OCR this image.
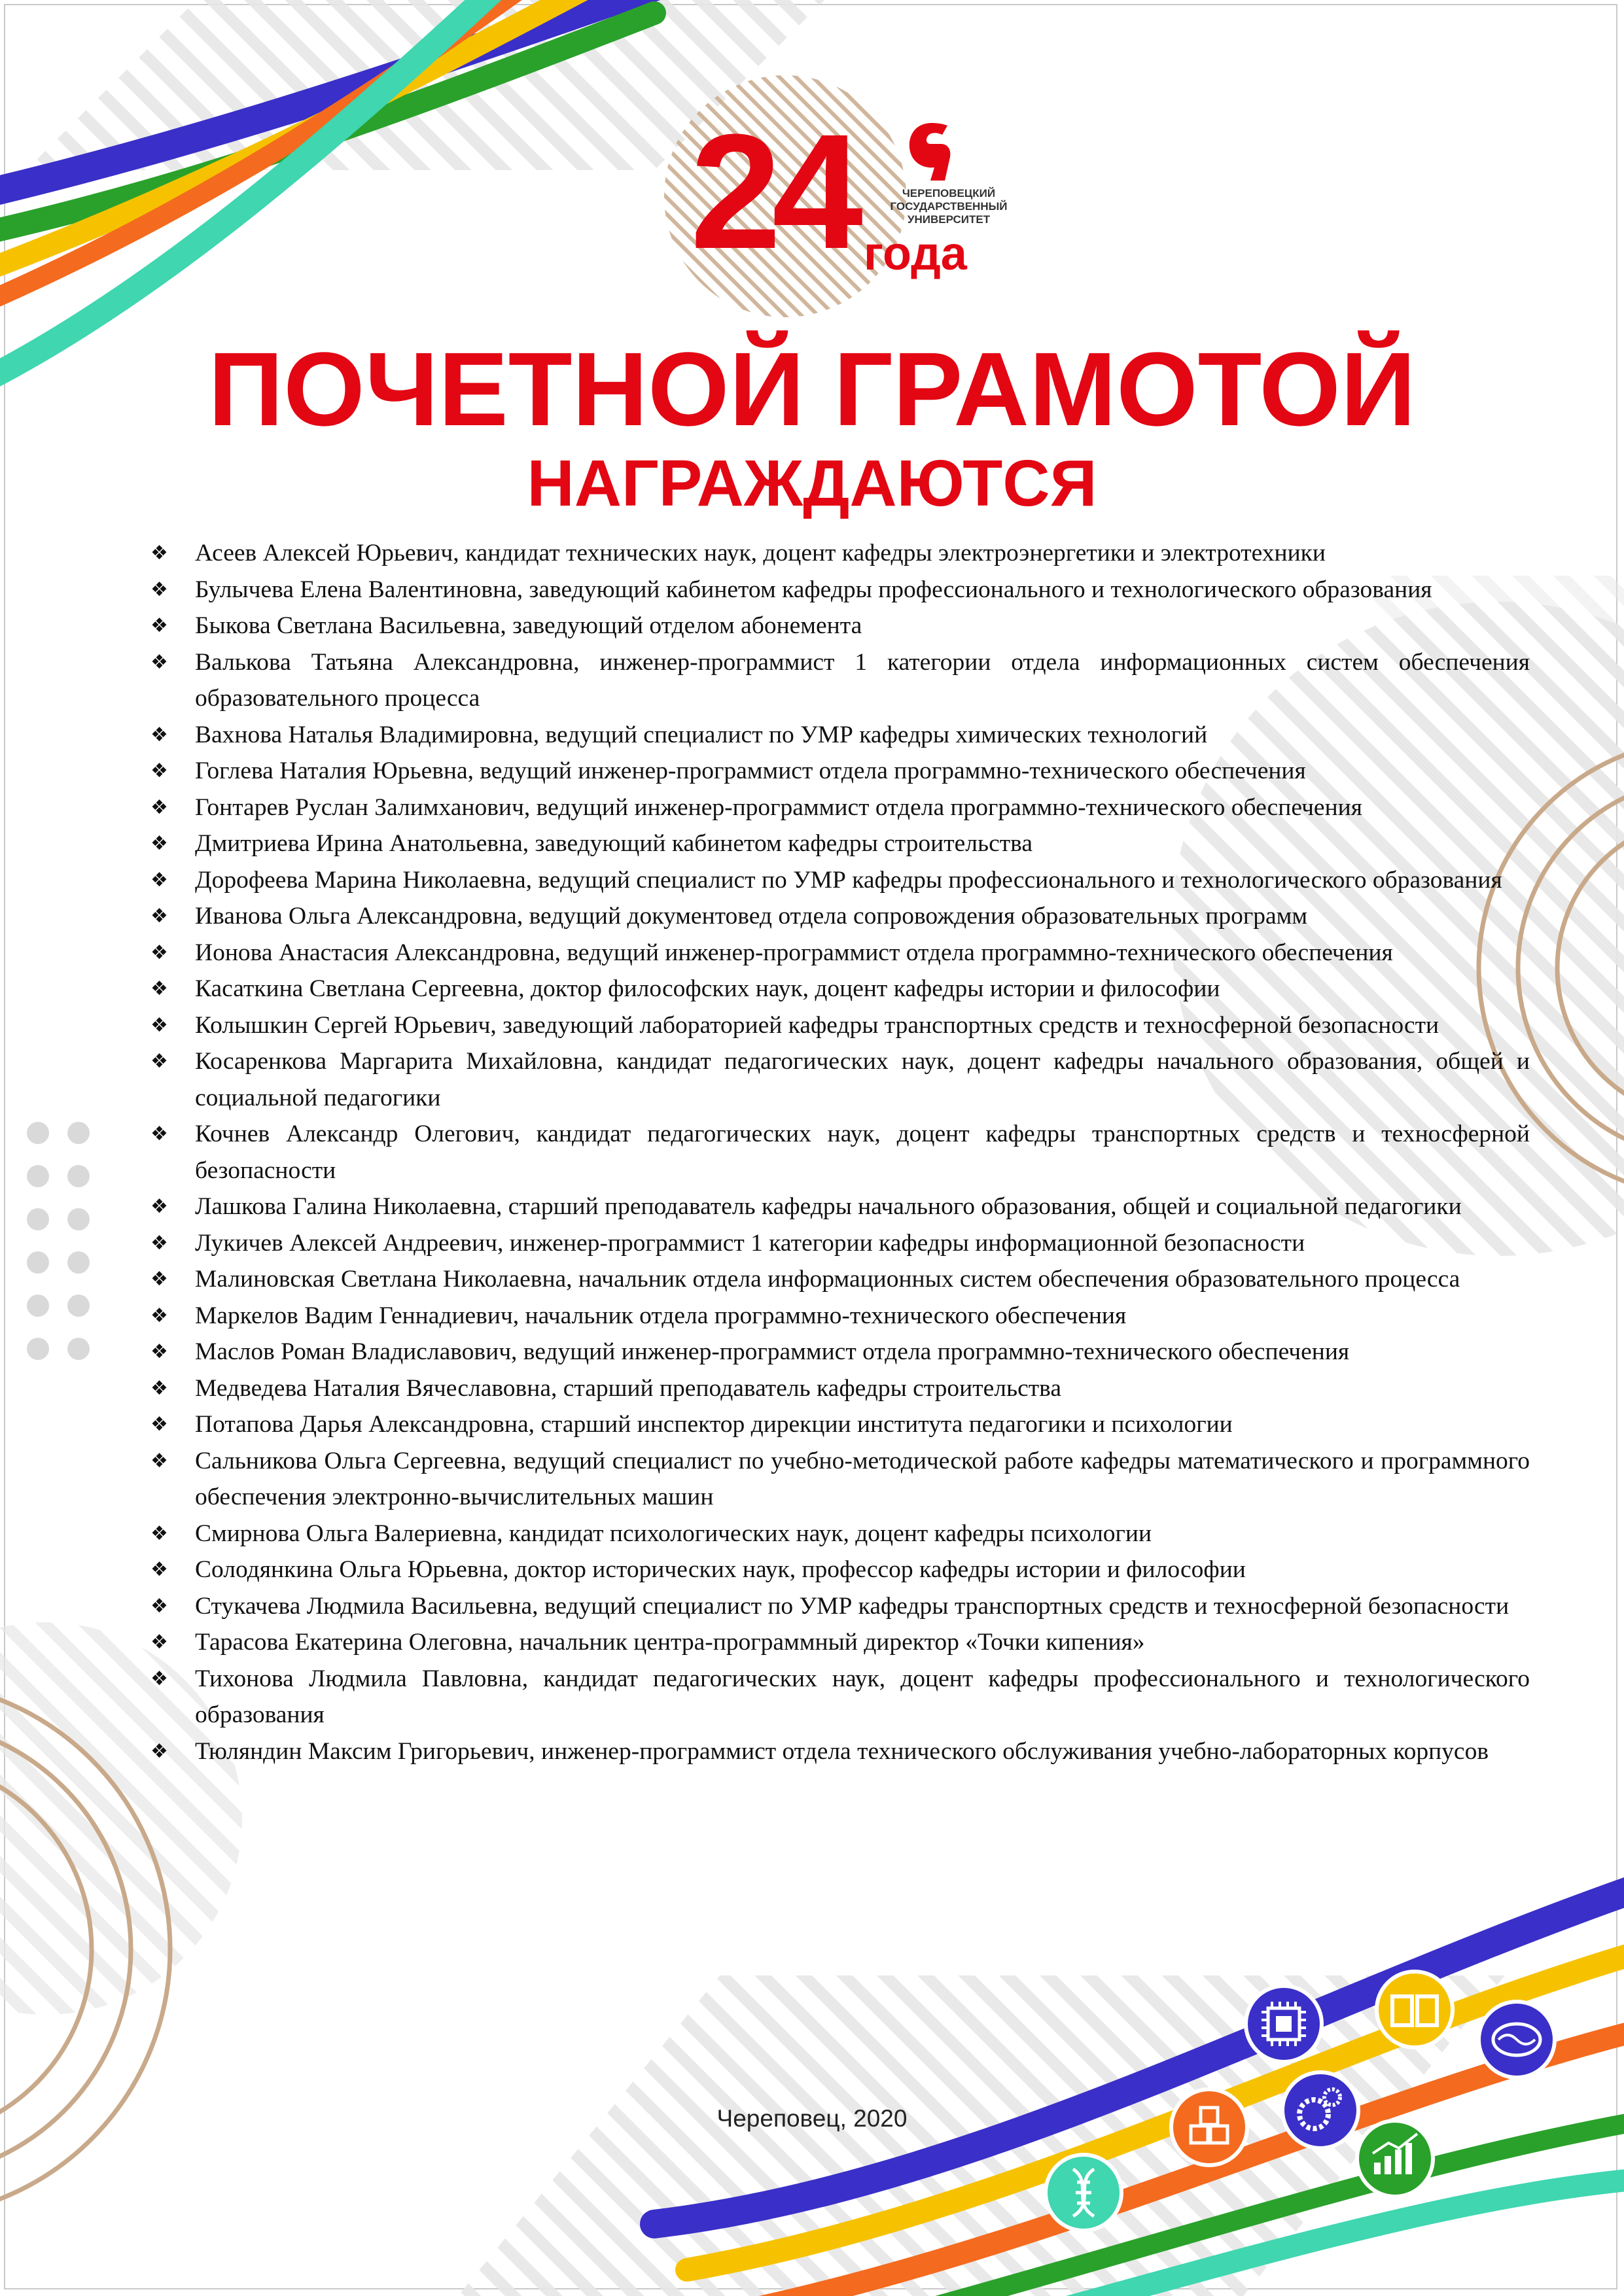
24	ЧЕРЕПОВЕЦКИЙ
ГОСУДАРСТВЕННЫЙ
УНИВЕРСИТЕТ
года
ПОЧЕТНОЙ ГРАМОТОЙ
НАГРАЖДАЮТСЯ
❖ Асеев Алексей Юрьевич, кандидат технических наук, доцент кафедры электроэнергетики и электротехники
❖ Булычева Елена Валентиновна, заведующий кабинетом кафедры профессионального и технологического образования
❖ Быкова Светлана Васильевна, заведующий отделом абонемента
❖ Валькова Татьяна Александровна, инженер-программист 1 категории отдела информационных систем обеспечения образовательного процесса
❖ Вахнова Наталья Владимировна, ведущий специалист по УМР кафедры химических технологий
❖ Гоглева Наталия Юрьевна, ведущий инженер-программист отдела программно-технического обеспечения
❖ Гонтарев Руслан Залимханович, ведущий инженер-программист отдела программно-технического обеспечения
❖ Дмитриева Ирина Анатольевна, заведующий кабинетом кафедры строительства
❖ Дорофеева Марина Николаевна, ведущий специалист по УМР кафедры профессионального и технологического образования
❖ Иванова Ольга Александровна, ведущий документовед отдела сопровождения образовательных программ
❖ Ионова Анастасия Александровна, ведущий инженер-программист отдела программно-технического обеспечения
❖ Касаткина Светлана Сергеевна, доктор философских наук, доцент кафедры истории и философии
❖ Колышкин Сергей Юрьевич, заведующий лабораторией кафедры транспортных средств и техносферной безопасности
❖ Косаренкова Маргарита Михайловна, кандидат педагогических наук, доцент кафедры начального образования, общей и социальной педагогики
❖ Кочнев Александр Олегович, кандидат педагогических наук, доцент кафедры транспортных средств и техносферной безопасности
❖ Лашкова Галина Николаевна, старший преподаватель кафедры начального образования, общей и социальной педагогики
❖ Лукичев Алексей Андреевич, инженер-программист 1 категории кафедры информационной безопасности
❖ Малиновская Светлана Николаевна, начальник отдела информационных систем обеспечения образовательного процесса
❖ Маркелов Вадим Геннадиевич, начальник отдела программно-технического обеспечения
❖ Маслов Роман Владиславович, ведущий инженер-программист отдела программно-технического обеспечения
❖ Медведева Наталия Вячеславовна, старший преподаватель кафедры строительства
❖ Потапова Дарья Александровна, старший инспектор дирекции института педагогики и психологии
❖ Сальникова Ольга Сергеевна, ведущий специалист по учебно-методической работе кафедры математического и программного обеспечения электронно-вычислительных машин
❖ Смирнова Ольга Валериевна, кандидат психологических наук, доцент кафедры психологии
❖ Солодянкина Ольга Юрьевна, доктор исторических наук, профессор кафедры истории и философии
❖ Стукачева Людмила Васильевна, ведущий специалист по УМР кафедры транспортных средств и техносферной безопасности
❖ Тарасова Екатерина Олеговна, начальник центра-программный директор «Точки кипения»
❖ Тихонова Людмила Павловна, кандидат педагогических наук, доцент кафедры профессионального и технологического образования
❖ Тюляндин Максим Григорьевич, инженер-программист отдела технического обслуживания учебно-лабораторных корпусов
Череповец, 2020
